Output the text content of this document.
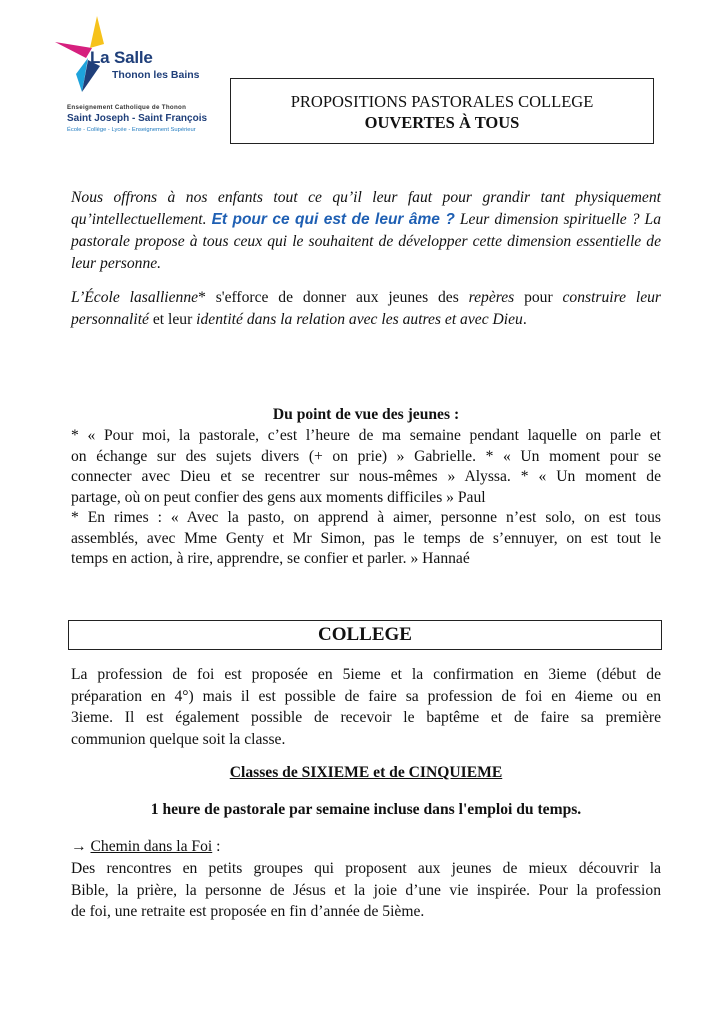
La Salle
Thonon les Bains
Enseignement Catholique de Thonon
Saint Joseph - Saint François
École - Collège - Lycée - Enseignement Supérieur
PROPOSITIONS PASTORALES COLLEGE
OUVERTES À TOUS

Nous offrons à nos enfants tout ce qu’il leur faut pour grandir tant physiquement qu’intellectuellement. Et pour ce qui est de leur âme ? Leur dimension spirituelle ? La pastorale propose à tous ceux qui le souhaitent de développer cette dimension essentielle de leur personne.

L’École lasallienne* s'efforce de donner aux jeunes des repères pour construire leur personnalité et leur identité dans la relation avec les autres et avec Dieu.

Du point de vue des jeunes :
* « Pour moi, la pastorale, c’est l’heure de ma semaine pendant laquelle on parle et
on échange sur des sujets divers (+ on prie) » Gabrielle. * « Un moment pour se
connecter avec Dieu et se recentrer sur nous-mêmes » Alyssa. * « Un moment de
partage, où on peut confier des gens aux moments difficiles » Paul
* En rimes : « Avec la pasto, on apprend à aimer, personne n’est solo, on est tous
assemblés, avec Mme Genty et Mr Simon, pas le temps de s’ennuyer, on est tout le
temps en action, à rire, apprendre, se confier et parler. » Hannaé
COLLEGE
La profession de foi est proposée en 5ieme et la confirmation en 3ieme (début de
préparation en 4°) mais il est possible de faire sa profession de foi en 4ieme ou en
3ieme. Il est également possible de recevoir le baptême et de faire sa première
communion quelque soit la classe.
Classes de SIXIEME et de CINQUIEME
1 heure de pastorale par semaine incluse dans l'emploi du temps.
→ Chemin dans la Foi :
Des rencontres en petits groupes qui proposent aux jeunes de mieux découvrir la
Bible, la prière, la personne de Jésus et la joie d’une vie inspirée. Pour la profession
de foi, une retraite est proposée en fin d’année de 5ième.
